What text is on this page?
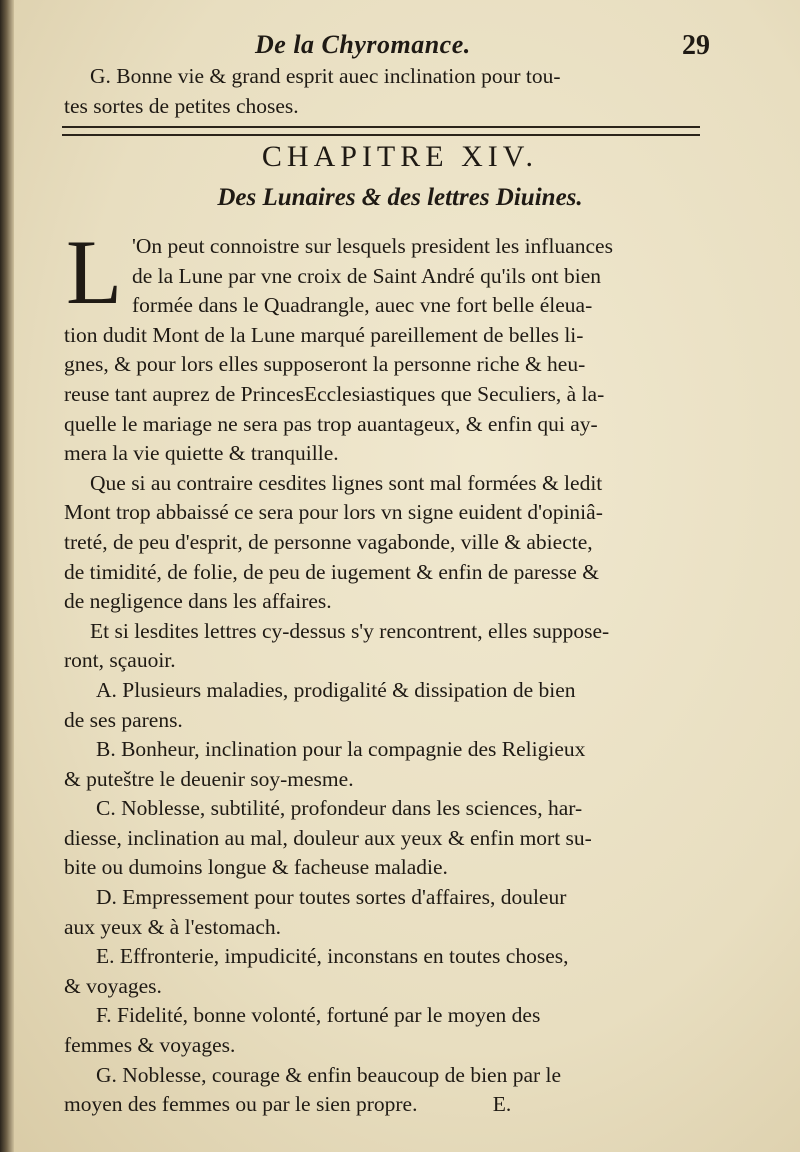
De la Chyromance.	29
G. Bonne vie & grand esprit auec inclination pour tou-
tes sortes de petites choses.
CHAPITRE XIV.
Des Lunaires & des lettres Diuines.
L 'On peut connoistre sur lesquels president les influances
de la Lune par vne croix de Saint André qu'ils ont bien
formée dans le Quadrangle, auec vne fort belle éleua-
tion dudit Mont de la Lune marqué pareillement de belles li-
gnes, & pour lors elles supposeront la personne riche & heu-
reuse tant auprez de PrincesEcclesiastiques que Seculiers, à la-
quelle le mariage ne sera pas trop auantageux, & enfin qui ay-
mera la vie quiette & tranquille.
Que si au contraire cesdites lignes sont mal formées & ledit
Mont trop abbaissé ce sera pour lors vn signe euident d'opiniâ-
treté, de peu d'esprit, de personne vagabonde, ville & abiecte,
de timidité, de folie, de peu de iugement & enfin de paresse &
de negligence dans les affaires.
Et si lesdites lettres cy-dessus s'y rencontrent, elles suppose-
ront, sçauoir.
A. Plusieurs maladies, prodigalité & dissipation de bien
de ses parens.
B. Bonheur, inclination pour la compagnie des Religieux
& puteštre le deuenir soy-mesme.
C. Noblesse, subtilité, profondeur dans les sciences, har-
diesse, inclination au mal, douleur aux yeux & enfin mort su-
bite ou dumoins longue & facheuse maladie.
D. Empressement pour toutes sortes d'affaires, douleur
aux yeux & à l'estomach.
E. Effronterie, impudicité, inconstans en toutes choses,
& voyages.
F. Fidelité, bonne volonté, fortuné par le moyen des
femmes & voyages.
G. Noblesse, courage & enfin beaucoup de bien par le
moyen des femmes ou par le sien propre.              E.
